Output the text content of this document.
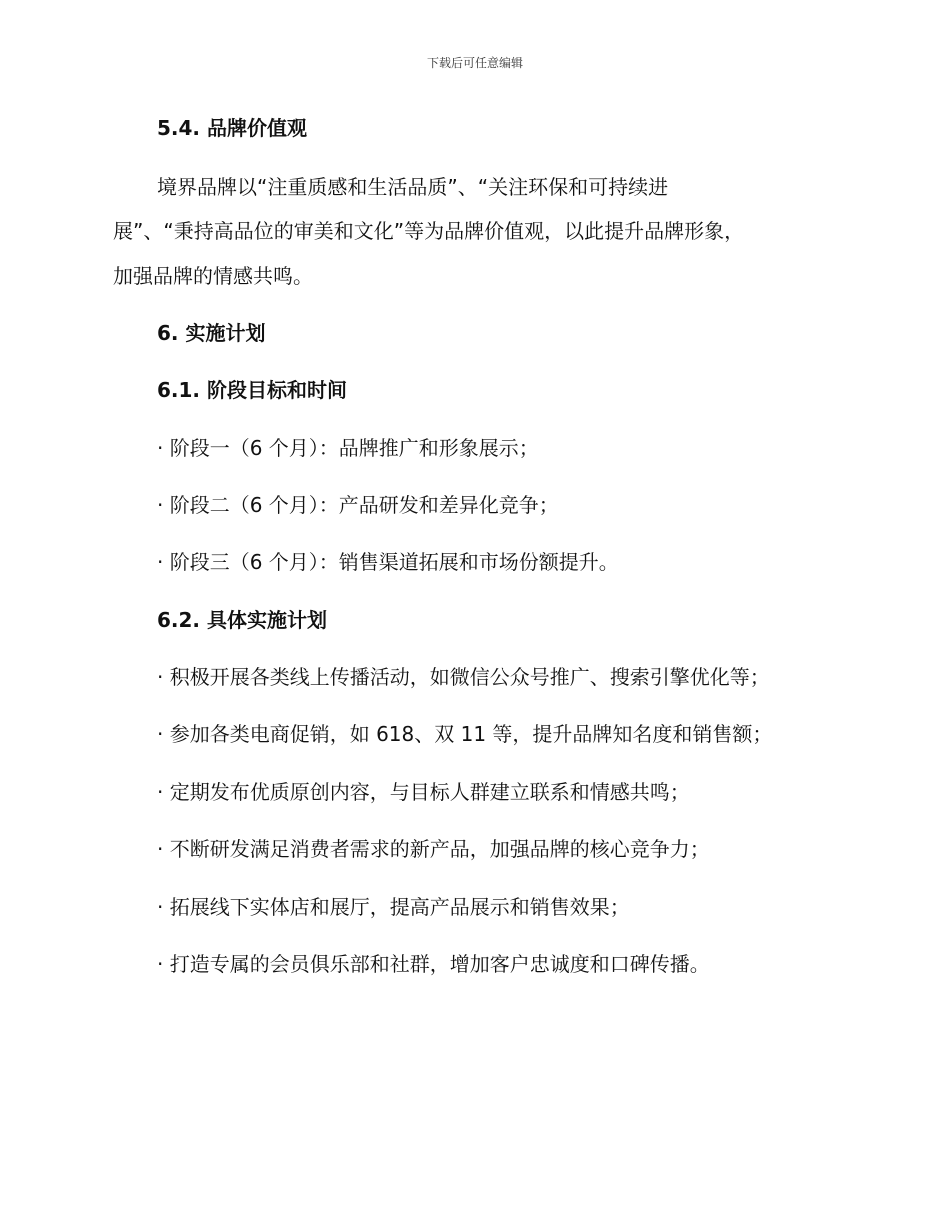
下载后可任意编辑
5.4. 品牌价值观
境界品牌以“注重质感和生活品质”、“关注环保和可持续进
展”、“秉持高品位的审美和文化”等为品牌价值观，以此提升品牌形象，
加强品牌的情感共鸣。
6. 实施计划
6.1. 阶段目标和时间
· 阶段一（6 个月）：品牌推广和形象展示；
· 阶段二（6 个月）：产品研发和差异化竞争；
· 阶段三（6 个月）：销售渠道拓展和市场份额提升。
6.2. 具体实施计划
· 积极开展各类线上传播活动，如微信公众号推广、搜索引擎优化等；
· 参加各类电商促销，如 618、双 11 等，提升品牌知名度和销售额；
· 定期发布优质原创内容，与目标人群建立联系和情感共鸣；
· 不断研发满足消费者需求的新产品，加强品牌的核心竞争力；
· 拓展线下实体店和展厅，提高产品展示和销售效果；
· 打造专属的会员俱乐部和社群，增加客户忠诚度和口碑传播。
